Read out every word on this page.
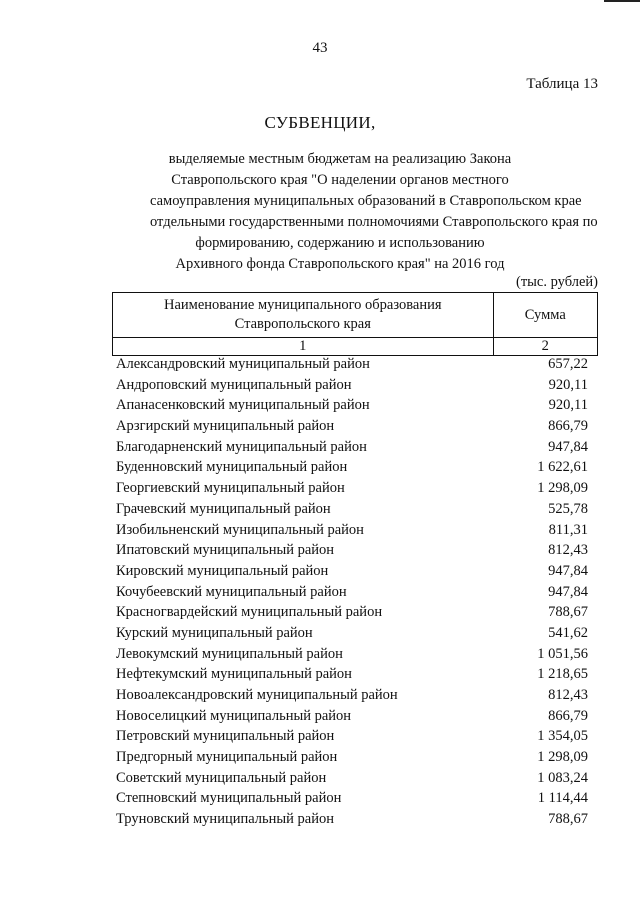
43
Таблица 13
СУБВЕНЦИИ,

выделяемые местным бюджетам на реализацию Закона
Ставропольского края "О наделении органов местного
самоуправления муниципальных образований в Ставропольском крае
отдельными государственными полномочиями Ставропольского края по
формированию, содержанию и использованию
Архивного фонда Ставропольского края" на 2016 год

(тыс. рублей)
Наименование муниципального образования
Ставропольского края	Сумма
1	2
Александровский муниципальный район	657,22
Андроповский муниципальный район	920,11
Апанасенковский муниципальный район	920,11
Арзгирский муниципальный район	866,79
Благодарненский муниципальный район	947,84
Буденновский муниципальный район	1 622,61
Георгиевский муниципальный район	1 298,09
Грачевский муниципальный район	525,78
Изобильненский муниципальный район	811,31
Ипатовский муниципальный район	812,43
Кировский муниципальный район	947,84
Кочубеевский муниципальный район	947,84
Красногвардейский муниципальный район	788,67
Курский муниципальный район	541,62
Левокумский муниципальный район	1 051,56
Нефтекумский муниципальный район	1 218,65
Новоалександровский муниципальный район	812,43
Новоселицкий муниципальный район	866,79
Петровский муниципальный район	1 354,05
Предгорный муниципальный район	1 298,09
Советский муниципальный район	1 083,24
Степновский муниципальный район	1 114,44
Труновский муниципальный район	788,67
